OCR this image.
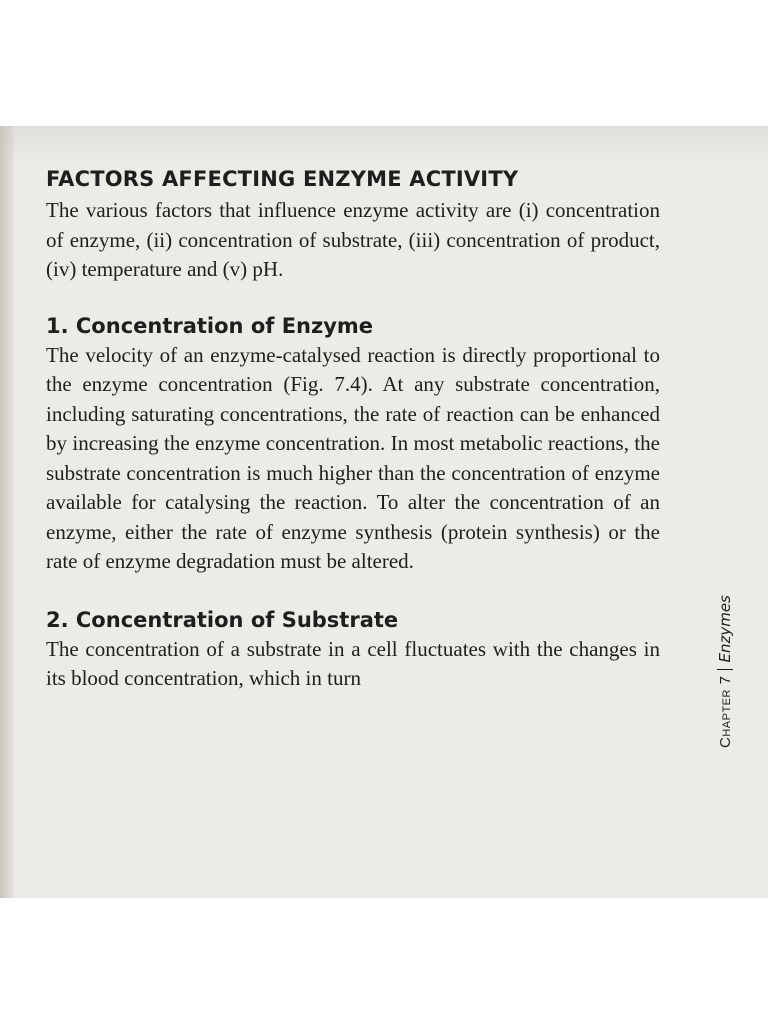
FACTORS AFFECTING ENZYME ACTIVITY

The various factors that influence enzyme activity are (i) concentration of enzyme, (ii) concentration of substrate, (iii) concentration of product, (iv) temperature and (v) pH.

1. Concentration of Enzyme

The velocity of an enzyme-catalysed reaction is directly proportional to the enzyme concentration (Fig. 7.4). At any substrate concentration, including saturating concentrations, the rate of reaction can be enhanced by increasing the enzyme concentration. In most metabolic reactions, the substrate concentration is much higher than the concentration of enzyme available for catalysing the reaction. To alter the concentration of an enzyme, either the rate of enzyme synthesis (protein synthesis) or the rate of enzyme degradation must be altered.

2. Concentration of Substrate

The concentration of a substrate in a cell fluctuates with the changes in its blood concentration, which in turn	Chapter 7
Enzymes
